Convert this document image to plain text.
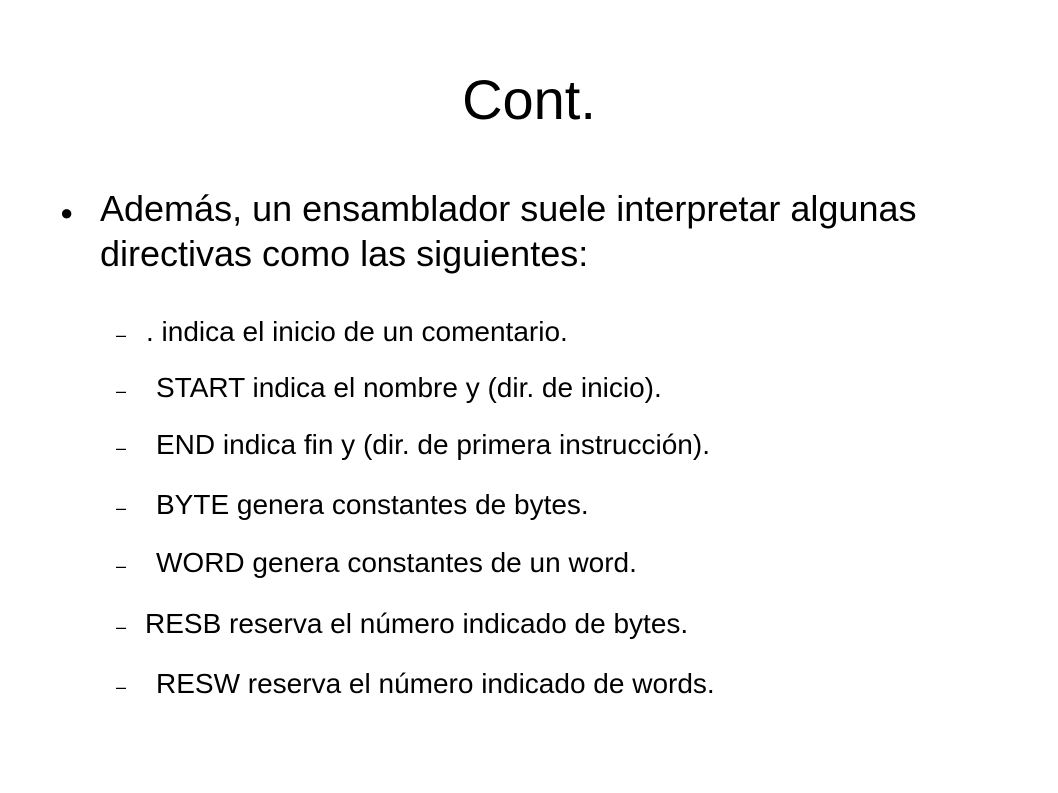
Cont.
● Además, un ensamblador suele interpretar algunas directivas como las siguientes:
– . indica el inicio de un comentario.
– START indica el nombre y (dir. de inicio).
– END indica fin y (dir. de primera instrucción).
– BYTE genera constantes de bytes.
– WORD genera constantes de un word.
– RESB reserva el número indicado de bytes.
– RESW reserva el número indicado de words.
